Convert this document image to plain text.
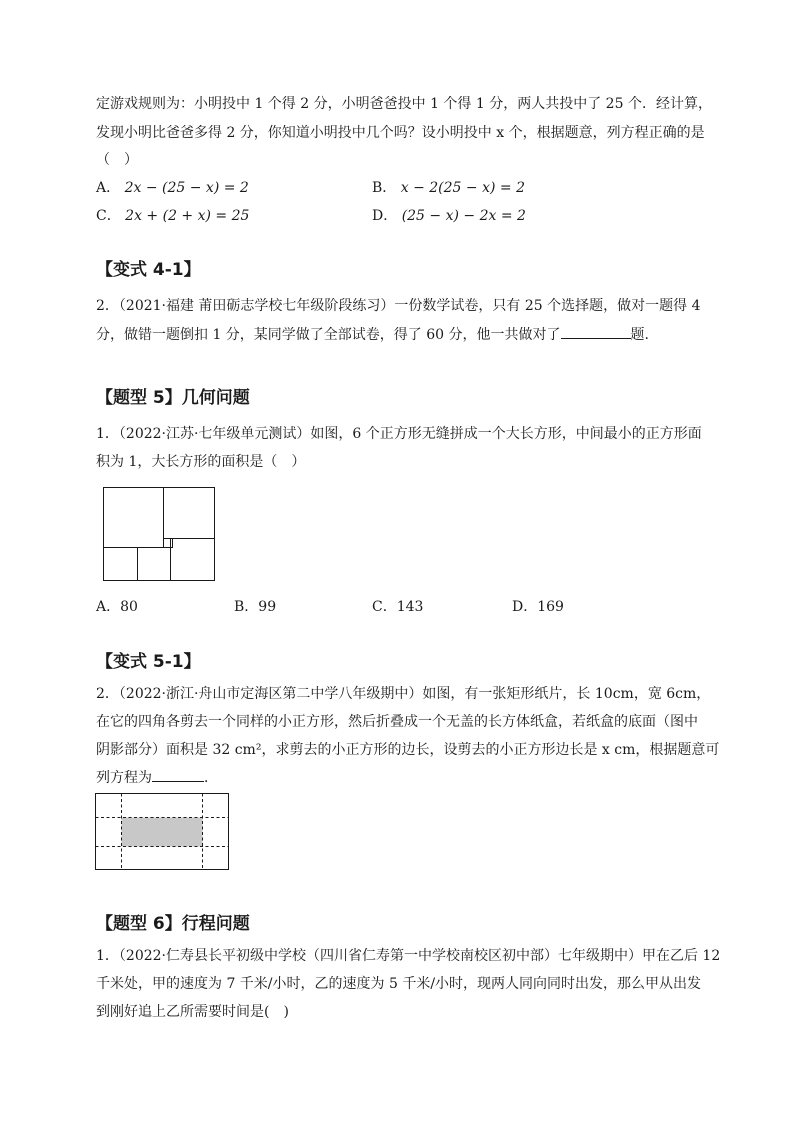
定游戏规则为：小明投中 1 个得 2 分，小明爸爸投中 1 个得 1 分，两人共投中了 25 个．经计算，
发现小明比爸爸多得 2 分，你知道小明投中几个吗？设小明投中 x 个，根据题意，列方程正确的是
（　）
A． 2x − (25 − x) = 2	B． x − 2(25 − x) = 2
C． 2x + (2 + x) = 25	D． (25 − x) − 2x = 2
【变式 4-1】
2．（2021·福建 莆田砺志学校七年级阶段练习）一份数学试卷，只有 25 个选择题，做对一题得 4
分，做错一题倒扣 1 分，某同学做了全部试卷，得了 60 分，他一共做对了	题.
【题型 5】几何问题
1．（2022·江苏·七年级单元测试）如图，6 个正方形无缝拼成一个大长方形，中间最小的正方形面
积为 1，大长方形的面积是（　）
A．80	B．99	C．143	D．169
【变式 5-1】
2．（2022·浙江·舟山市定海区第二中学八年级期中）如图，有一张矩形纸片，长 10cm，宽 6cm，
在它的四角各剪去一个同样的小正方形，然后折叠成一个无盖的长方体纸盒，若纸盒的底面（图中
阴影部分）面积是 32 cm²，求剪去的小正方形的边长，设剪去的小正方形边长是 x cm，根据题意可
列方程为	．
【题型 6】行程问题
1．（2022·仁寿县长平初级中学校（四川省仁寿第一中学校南校区初中部）七年级期中）甲在乙后 12
千米处，甲的速度为 7 千米/小时，乙的速度为 5 千米/小时，现两人同向同时出发，那么甲从出发
到刚好追上乙所需要时间是(　)
